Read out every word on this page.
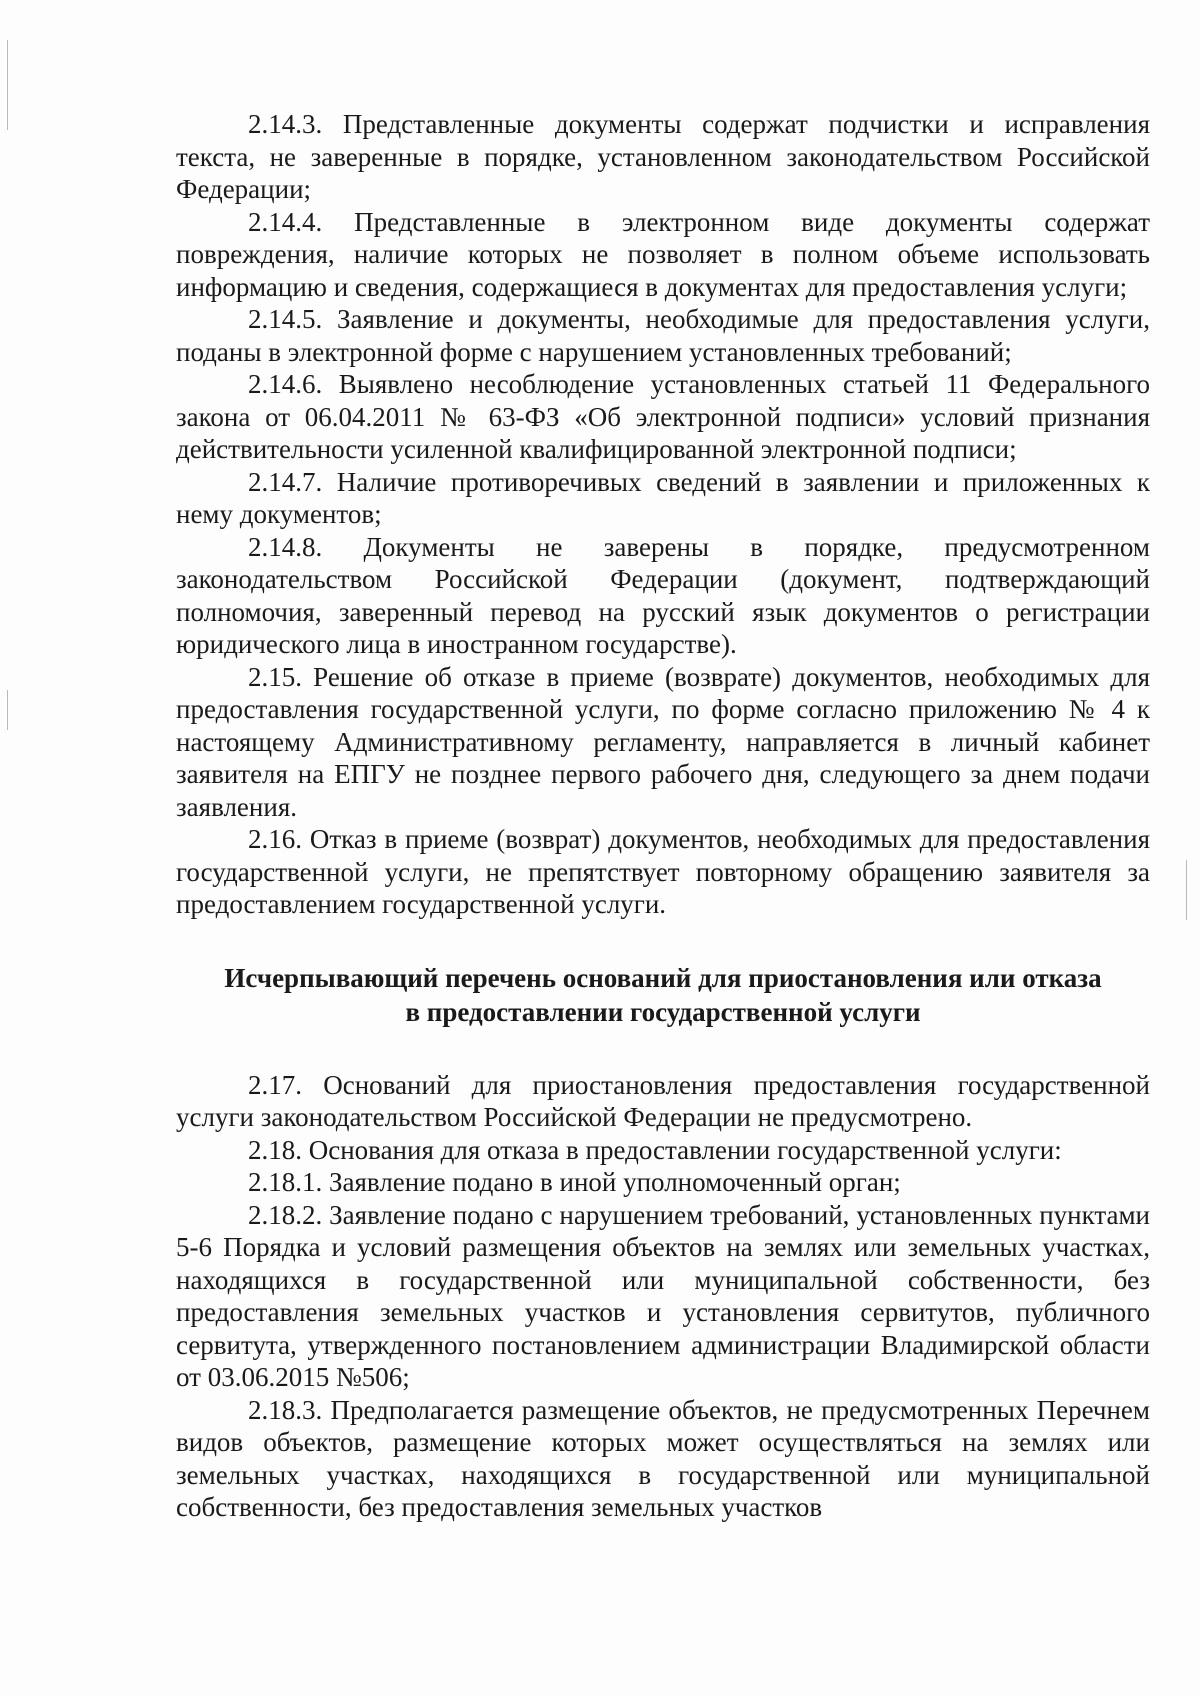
2.14.3. Представленные документы содержат подчистки и исправления текста, не заверенные в порядке, установленном законодательством Российской Федерации;

2.14.4. Представленные в электронном виде документы содержат повреждения, наличие которых не позволяет в полном объеме использовать информацию и сведения, содержащиеся в документах для предоставления услуги;

2.14.5. Заявление и документы, необходимые для предоставления услуги, поданы в электронной форме с нарушением установленных требований;

2.14.6. Выявлено несоблюдение установленных статьей 11 Федерального закона от 06.04.2011 № 63-ФЗ «Об электронной подписи» условий признания действительности усиленной квалифицированной электронной подписи;

2.14.7. Наличие противоречивых сведений в заявлении и приложенных к нему документов;

2.14.8. Документы не заверены в порядке, предусмотренном законодательством Российской Федерации (документ, подтверждающий полномочия, заверенный перевод на русский язык документов о регистрации юридического лица в иностранном государстве).

2.15. Решение об отказе в приеме (возврате) документов, необходимых для предоставления государственной услуги, по форме согласно приложению № 4 к настоящему Административному регламенту, направляется в личный кабинет заявителя на ЕПГУ не позднее первого рабочего дня, следующего за днем подачи заявления.

2.16. Отказ в приеме (возврат) документов, необходимых для предоставления государственной услуги, не препятствует повторному обращению заявителя за предоставлением государственной услуги.

Исчерпывающий перечень оснований для приостановления или отказа
в предоставлении государственной услуги

2.17. Оснований для приостановления предоставления государственной услуги законодательством Российской Федерации не предусмотрено.

2.18. Основания для отказа в предоставлении государственной услуги:

2.18.1. Заявление подано в иной уполномоченный орган;

2.18.2. Заявление подано с нарушением требований, установленных пунктами 5-6 Порядка и условий размещения объектов на землях или земельных участках, находящихся в государственной или муниципальной собственности, без предоставления земельных участков и установления сервитутов, публичного сервитута, утвержденного постановлением администрации Владимирской области от 03.06.2015 №506;

2.18.3. Предполагается размещение объектов, не предусмотренных Перечнем видов объектов, размещение которых может осуществляться на землях или земельных участках, находящихся в государственной или муниципальной собственности, без предоставления земельных участков
